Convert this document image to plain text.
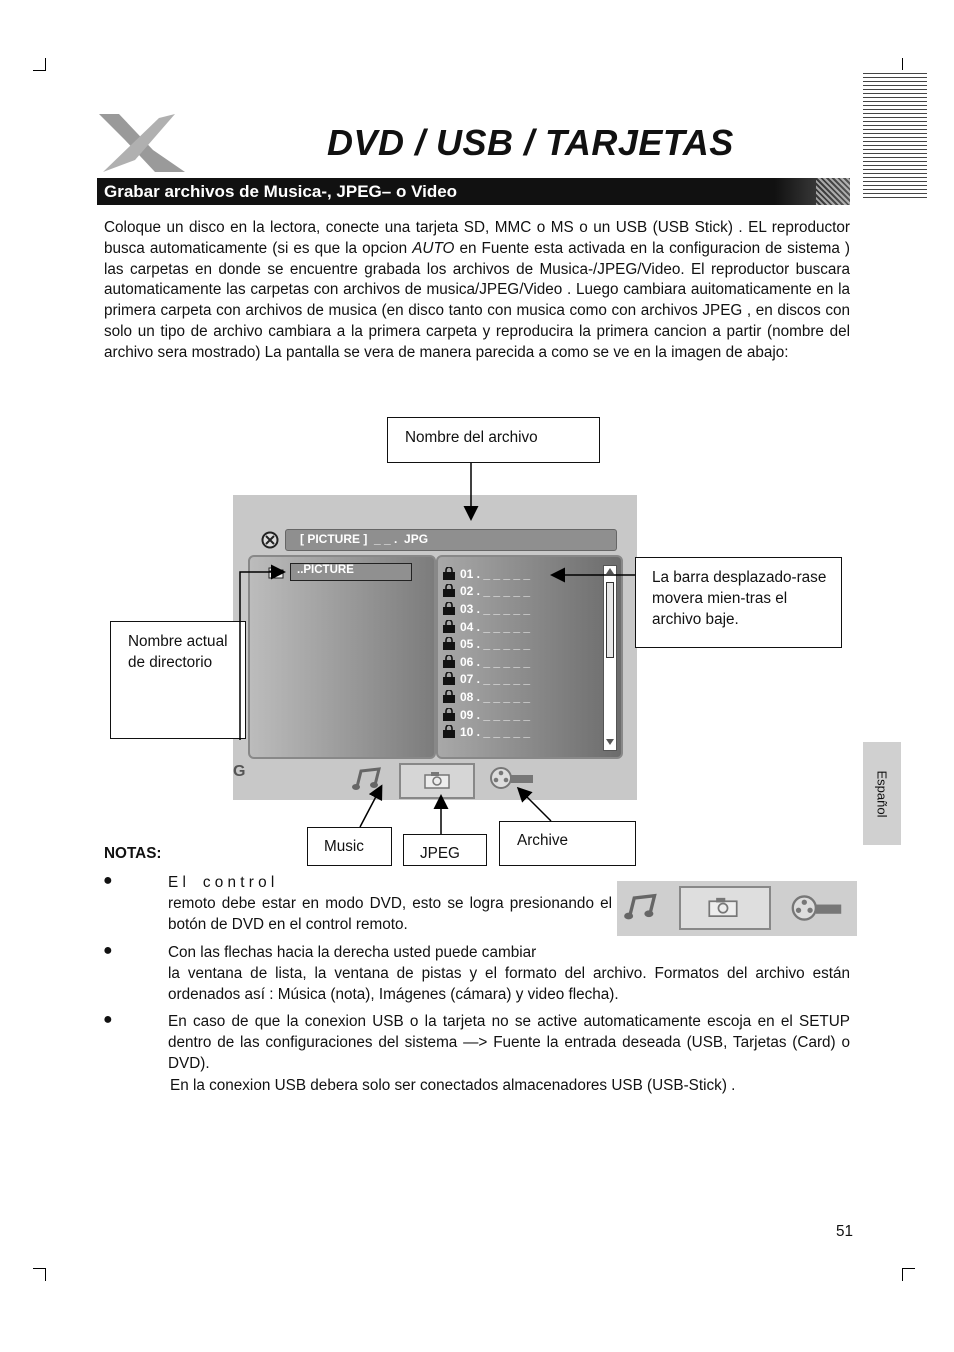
DVD / USB / TARJETAS
Grabar archivos de Musica-, JPEG– o Video
Coloque un disco en la lectora, conecte una tarjeta SD, MMC o MS o un USB (USB Stick) . EL reproductor busca automaticamente (si es que la opcion AUTO en Fuente esta activada en la configuracion de sistema ) las carpetas en donde se encuentre grabada los archivos de Musica-/JPEG/Video. El reproductor buscara automaticamente las carpetas con archivos de musica/JPEG/Video . Luego cambiara auitomaticamente en la primera carpeta con archivos de musica (en disco tanto con musica como con archivos JPEG , en discos con solo un tipo de archivo cambiara a la primera carpeta y reproducira la primera cancion a partir (nombre del archivo sera mostrado) La pantalla se vera de manera parecida a como se ve en la imagen de abajo:
[ PICTURE ]  _ _ .  JPG
..PICTURE	01 . _ _ _ _ _
02 . _ _ _ _ _
03 . _ _ _ _ _
04 . _ _ _ _ _
05 . _ _ _ _ _
06 . _ _ _ _ _
07 . _ _ _ _ _
08 . _ _ _ _ _
09 . _ _ _ _ _
10 . _ _ _ _ _
G
Nombre del archivo
La barra desplazado-rase movera mien-tras el archivo baje.
Nombre actual de directorio
Music	JPEG
Archive
NOTAS:
●	E l    c o n t r o l
remoto debe estar en modo DVD, esto se logra presionando el botón de DVD en el control remoto.
●	Con las flechas hacia la derecha usted puede cambiar
la ventana de lista, la ventana de pistas y el formato del archivo. Formatos del archivo están ordenados así : Música (nota), Imágenes (cámara) y video flecha).
●	En caso de que la conexion USB o la tarjeta no se active automaticamente escoja en el SETUP dentro de las configuraciones del sistema —> Fuente la entrada deseada (USB, Tarjetas (Card) o DVD).
En la conexion USB debera solo ser conectados almacenadores USB (USB-Stick) .
Español
51
